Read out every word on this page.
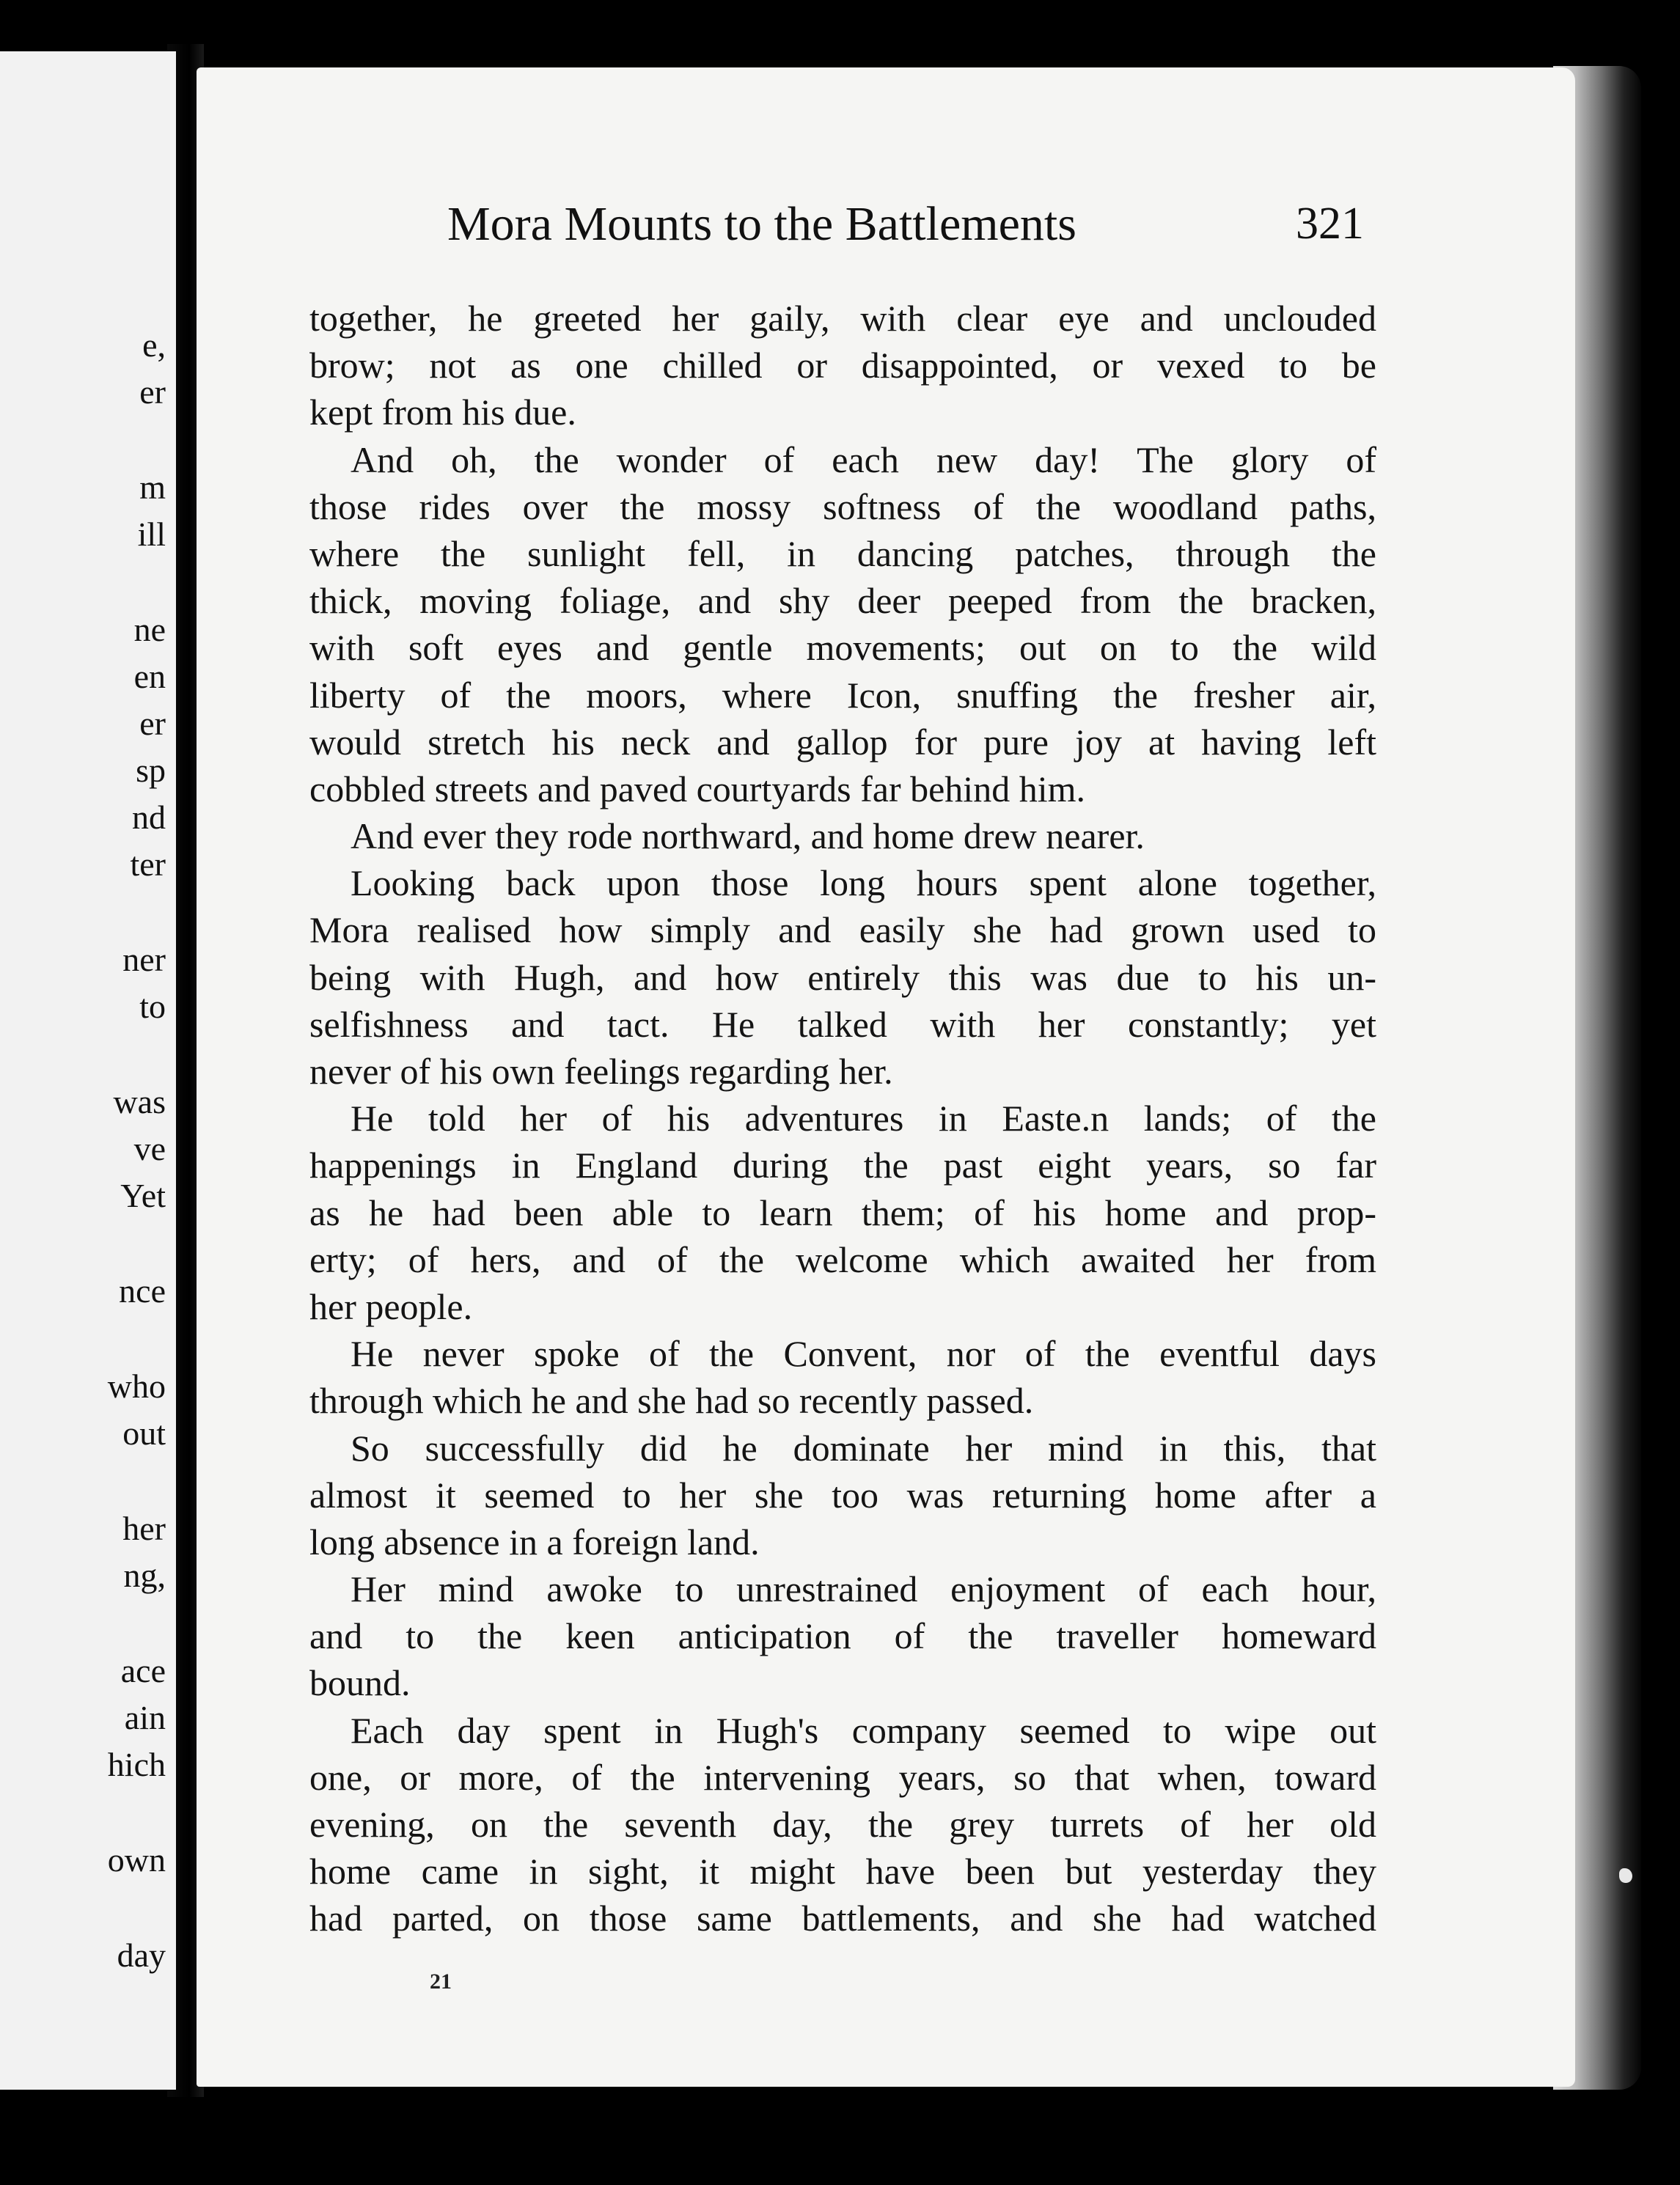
e,
er
m
ill
ne
en
er
sp
nd
ter
ner
to
was
ve
Yet
nce
who
out
her
ng,
ace
ain
hich
own
day
Mora Mounts to the Battlements	321
together, he greeted her gaily, with clear eye and unclouded
brow; not as one chilled or disappointed, or vexed to be
kept from his due.
And oh, the wonder of each new day! The glory of
those rides over the mossy softness of the woodland paths,
where the sunlight fell, in dancing patches, through the
thick, moving foliage, and shy deer peeped from the bracken,
with soft eyes and gentle movements; out on to the wild
liberty of the moors, where Icon, snuffing the fresher air,
would stretch his neck and gallop for pure joy at having left
cobbled streets and paved courtyards far behind him.
And ever they rode northward, and home drew nearer.
Looking back upon those long hours spent alone together,
Mora realised how simply and easily she had grown used to
being with Hugh, and how entirely this was due to his un-
selfishness and tact. He talked with her constantly; yet
never of his own feelings regarding her.
He told her of his adventures in Easte.n lands; of the
happenings in England during the past eight years, so far
as he had been able to learn them; of his home and prop-
erty; of hers, and of the welcome which awaited her from
her people.
He never spoke of the Convent, nor of the eventful days
through which he and she had so recently passed.
So successfully did he dominate her mind in this, that
almost it seemed to her she too was returning home after a
long absence in a foreign land.
Her mind awoke to unrestrained enjoyment of each hour,
and to the keen anticipation of the traveller homeward
bound.
Each day spent in Hugh's company seemed to wipe out
one, or more, of the intervening years, so that when, toward
evening, on the seventh day, the grey turrets of her old
home came in sight, it might have been but yesterday they
had parted, on those same battlements, and she had watched
21
